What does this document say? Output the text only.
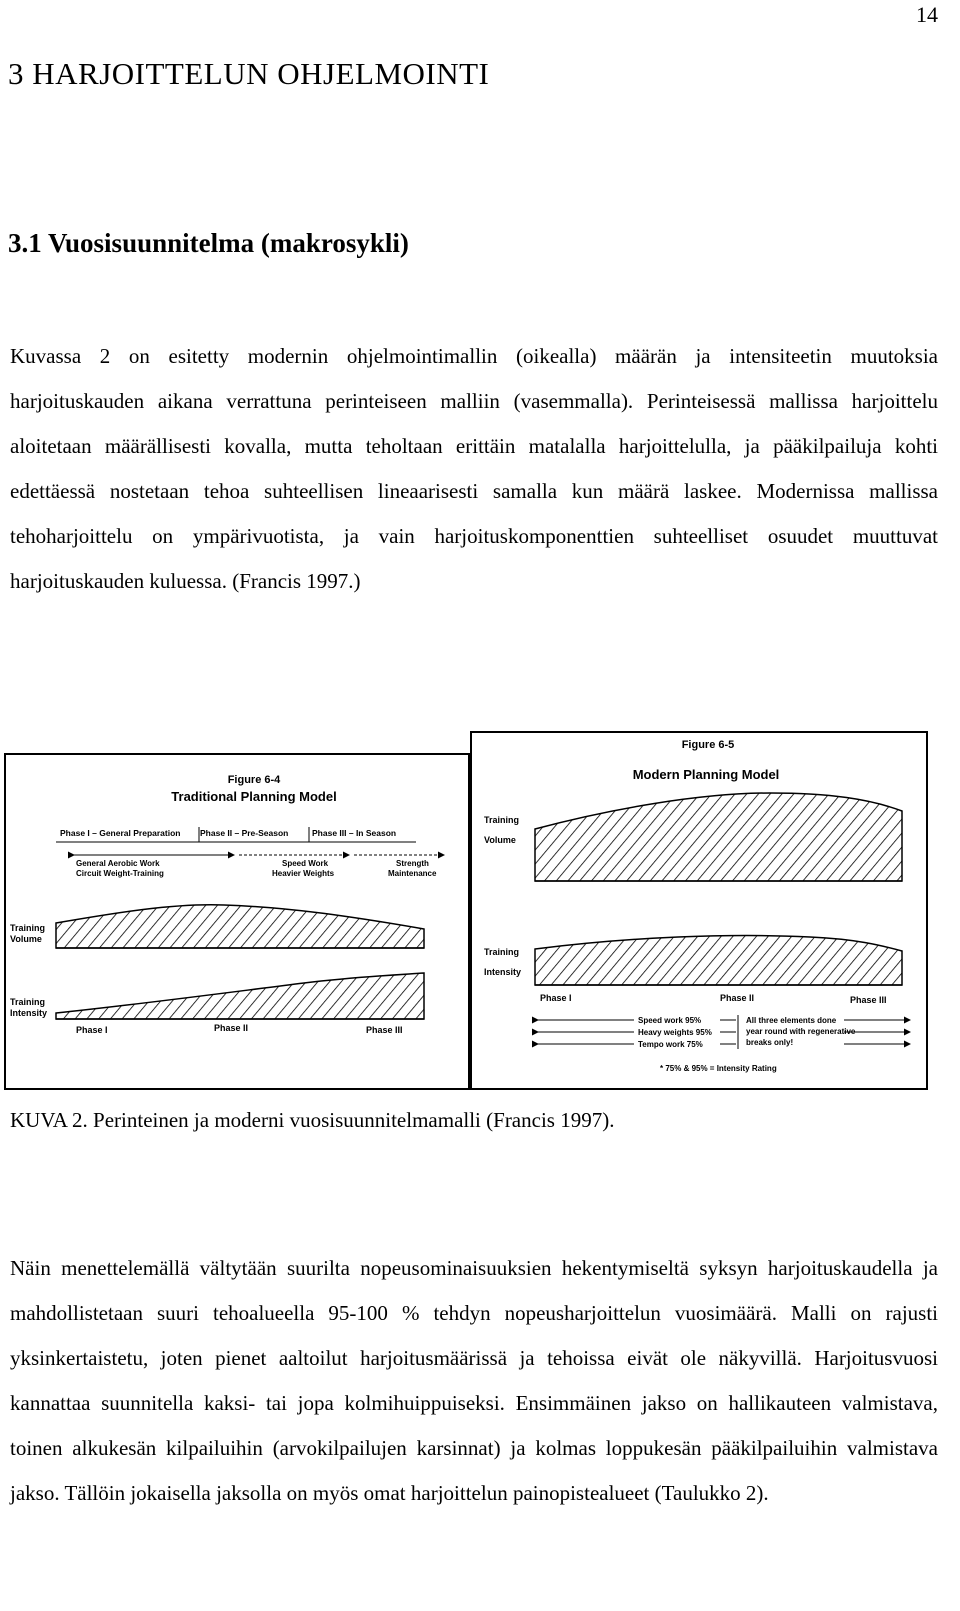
14
3 HARJOITTELUN OHJELMOINTI
3.1 Vuosisuunnitelma (makrosykli)

Kuvassa 2 on esitetty modernin ohjelmointimallin (oikealla) määrän ja intensiteetin muutoksia harjoituskauden aikana verrattuna perinteiseen malliin (vasemmalla). Perinteisessä mallissa harjoittelu aloitetaan määrällisesti kovalla, mutta teholtaan erittäin matalalla harjoittelulla, ja pääkilpailuja kohti edettäessä nostetaan tehoa suhteellisen lineaarisesti samalla kun määrä laskee. Modernissa mallissa tehoharjoittelu on ympärivuotista, ja vain harjoituskomponenttien suhteelliset osuudet muuttuvat harjoituskauden kuluessa. (Francis 1997.)

Figure 6-4
Traditional Planning Model
Phase I – General Preparation Phase II – Pre-Season	Phase III – In Season
General Aerobic Work
Circuit Weight-Training
Speed Work
Heavier Weights
Strength
Maintenance
Training
Volume
Training
Intensity
Phase I	Phase II	Phase III
Figure 6-5
Modern Planning Model
Training
Volume
Training
Intensity
Phase I	Phase II	Phase III
Speed work 95%
Heavy weights 95%
Tempo work 75%
All three elements done
year round with regenerative
breaks only!
* 75% & 95% = Intensity Rating
KUVA 2. Perinteinen ja moderni vuosisuunnitelmamalli (Francis 1997).

Näin menettelemällä vältytään suurilta nopeusominaisuuksien hekentymiseltä syksyn harjoituskaudella ja mahdollistetaan suuri tehoalueella 95-100 % tehdyn nopeusharjoittelun vuosimäärä. Malli on rajusti yksinkertaistetu, joten pienet aaltoilut harjoitusmäärissä ja tehoissa eivät ole näkyvillä. Harjoitusvuosi kannattaa suunnitella kaksi- tai jopa kolmihuippuiseksi. Ensimmäinen jakso on hallikauteen valmistava, toinen alkukesän kilpailuihin (arvokilpailujen karsinnat) ja kolmas loppukesän pääkilpailuihin valmistava jakso. Tällöin jokaisella jaksolla on myös omat harjoittelun painopistealueet (Taulukko 2).
